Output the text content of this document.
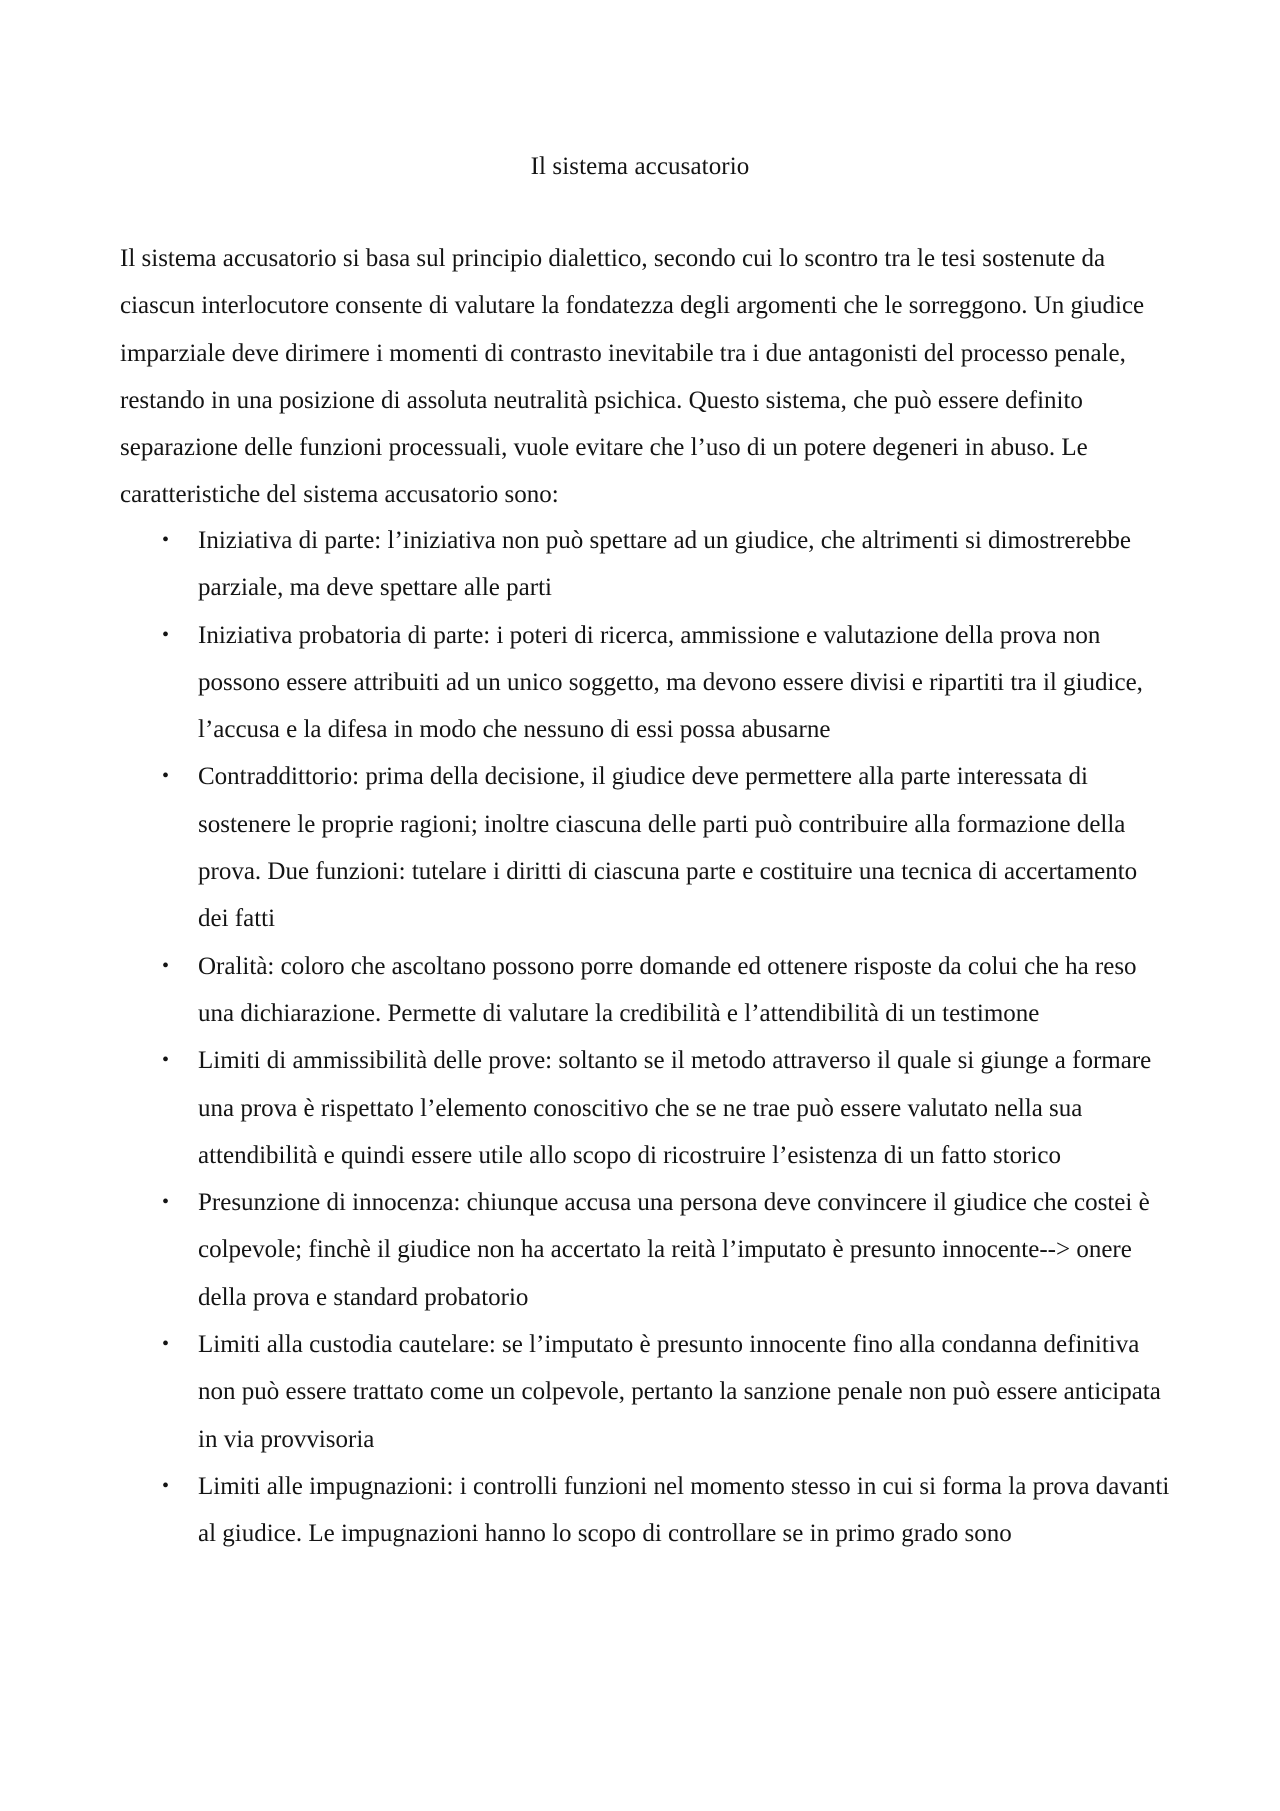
Il sistema accusatorio

Il sistema accusatorio si basa sul principio dialettico, secondo cui lo scontro tra le tesi sostenute da ciascun interlocutore consente di valutare la fondatezza degli argomenti che le sorreggono. Un giudice imparziale deve dirimere i momenti di contrasto inevitabile tra i due antagonisti del processo penale, restando in una posizione di assoluta neutralità psichica. Questo sistema, che può essere definito separazione delle funzioni processuali, vuole evitare che l’uso di un potere degeneri in abuso. Le caratteristiche del sistema accusatorio sono:

• Iniziativa di parte: l’iniziativa non può spettare ad un giudice, che altrimenti si dimostrerebbe parziale, ma deve spettare alle parti
• Iniziativa probatoria di parte: i poteri di ricerca, ammissione e valutazione della prova non possono essere attribuiti ad un unico soggetto, ma devono essere divisi e ripartiti tra il giudice, l’accusa e la difesa in modo che nessuno di essi possa abusarne
• Contraddittorio: prima della decisione, il giudice deve permettere alla parte interessata di sostenere le proprie ragioni; inoltre ciascuna delle parti può contribuire alla formazione della prova. Due funzioni: tutelare i diritti di ciascuna parte e costituire una tecnica di accertamento dei fatti
• Oralità: coloro che ascoltano possono porre domande ed ottenere risposte da colui che ha reso una dichiarazione. Permette di valutare la credibilità e l’attendibilità di un testimone
• Limiti di ammissibilità delle prove: soltanto se il metodo attraverso il quale si giunge a formare una prova è rispettato l’elemento conoscitivo che se ne trae può essere valutato nella sua attendibilità e quindi essere utile allo scopo di ricostruire l’esistenza di un fatto storico
• Presunzione di innocenza: chiunque accusa una persona deve convincere il giudice che costei è colpevole; finchè il giudice non ha accertato la reità l’imputato è presunto innocente--> onere della prova e standard probatorio
• Limiti alla custodia cautelare: se l’imputato è presunto innocente fino alla condanna definitiva non può essere trattato come un colpevole, pertanto la sanzione penale non può essere anticipata in via provvisoria
• Limiti alle impugnazioni: i controlli funzioni nel momento stesso in cui si forma la prova davanti al giudice. Le impugnazioni hanno lo scopo di controllare se in primo grado sono
